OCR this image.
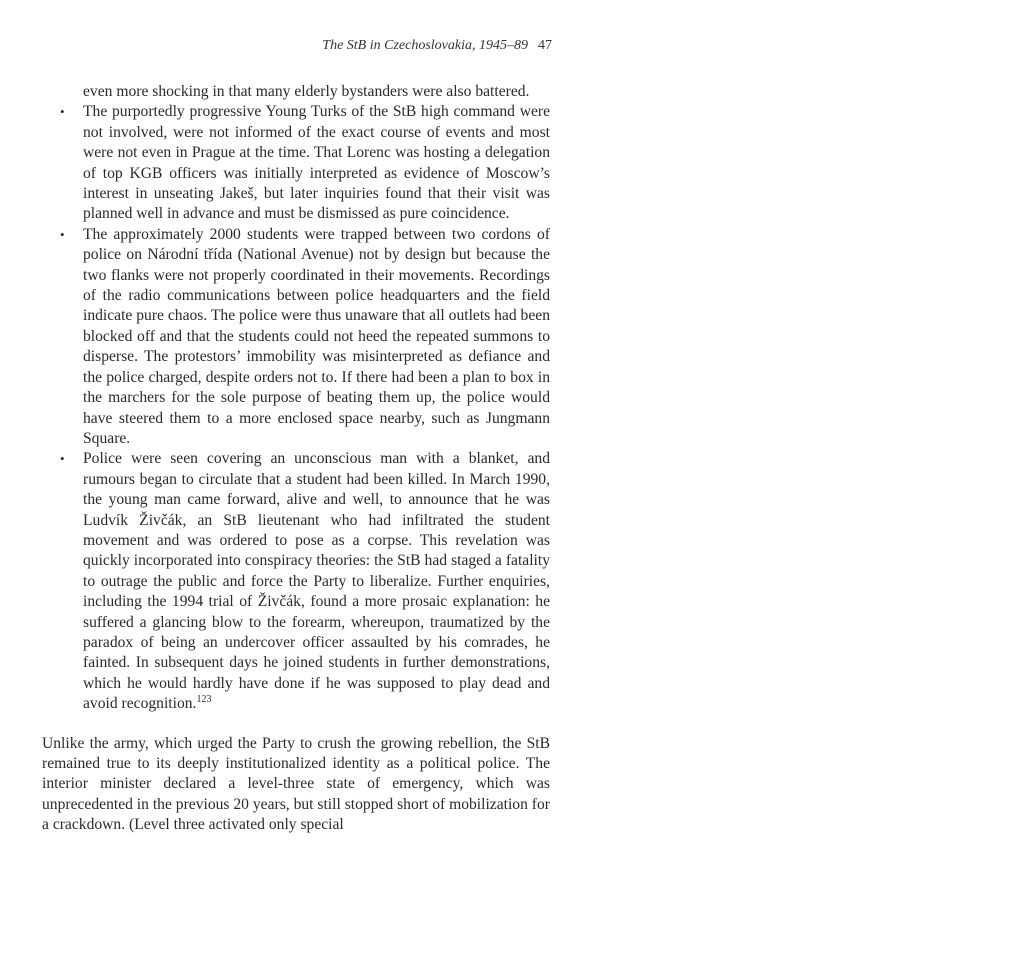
The StB in Czechoslovakia, 1945–89 47

even more shocking in that many elderly bystanders were also battered.

• The purportedly progressive Young Turks of the StB high command were not involved, were not informed of the exact course of events and most were not even in Prague at the time. That Lorenc was hosting a delegation of top KGB officers was initially interpreted as evidence of Moscow’s interest in unseating Jakeš, but later inquiries found that their visit was planned well in advance and must be dismissed as pure coincidence.
• The approximately 2000 students were trapped between two cordons of police on Národní třída (National Avenue) not by design but because the two flanks were not properly coordinated in their movements. Recordings of the radio communications between police headquarters and the field indicate pure chaos. The police were thus unaware that all outlets had been blocked off and that the students could not heed the repeated summons to disperse. The protestors’ immobility was misinterpreted as defiance and the police charged, despite orders not to. If there had been a plan to box in the marchers for the sole purpose of beating them up, the police would have steered them to a more enclosed space nearby, such as Jungmann Square.
• Police were seen covering an unconscious man with a blanket, and rumours began to circulate that a student had been killed. In March 1990, the young man came forward, alive and well, to announce that he was Ludvík Živčák, an StB lieutenant who had infiltrated the student movement and was ordered to pose as a corpse. This revelation was quickly incorporated into conspiracy theories: the StB had staged a fatality to outrage the public and force the Party to liberalize. Further enquiries, including the 1994 trial of Živčák, found a more prosaic explanation: he suffered a glancing blow to the forearm, whereupon, traumatized by the paradox of being an undercover officer assaulted by his comrades, he fainted. In subsequent days he joined students in further demonstrations, which he would hardly have done if he was supposed to play dead and avoid recognition.$^{123}$

Unlike the army, which urged the Party to crush the growing rebellion, the StB remained true to its deeply institutionalized identity as a political police. The interior minister declared a level-three state of emergency, which was unprecedented in the previous 20 years, but still stopped short of mobilization for a crackdown. (Level three activated only special
